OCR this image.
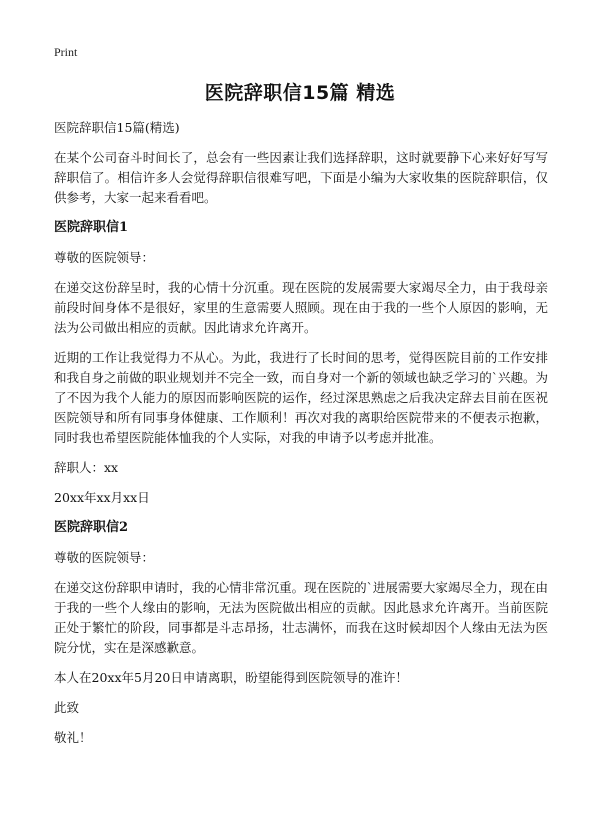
Print
医院辞职信15篇 精选

医院辞职信15篇(精选)

在某个公司奋斗时间长了，总会有一些因素让我们选择辞职，这时就要静下心来好好写写辞职信了。相信许多人会觉得辞职信很难写吧，下面是小编为大家收集的医院辞职信，仅供参考，大家一起来看看吧。

医院辞职信1

尊敬的医院领导：

在递交这份辞呈时，我的心情十分沉重。现在医院的发展需要大家竭尽全力，由于我母亲前段时间身体不是很好，家里的生意需要人照顾。现在由于我的一些个人原因的影响，无法为公司做出相应的贡献。因此请求允许离开。

近期的工作让我觉得力不从心。为此，我进行了长时间的思考，觉得医院目前的工作安排和我自身之前做的职业规划并不完全一致，而自身对一个新的领域也缺乏学习的`兴趣。为了不因为我个人能力的原因而影响医院的运作，经过深思熟虑之后我决定辞去目前在医祝医院领导和所有同事身体健康、工作顺利！再次对我的离职给医院带来的不便表示抱歉，同时我也希望医院能体恤我的个人实际，对我的申请予以考虑并批准。

辞职人：xx

20xx年xx月xx日

医院辞职信2

尊敬的医院领导：

在递交这份辞职申请时，我的心情非常沉重。现在医院的`进展需要大家竭尽全力，现在由于我的一些个人缘由的影响，无法为医院做出相应的贡献。因此恳求允许离开。当前医院正处于繁忙的阶段，同事都是斗志昂扬，壮志满怀，而我在这时候却因个人缘由无法为医院分忧，实在是深感歉意。

本人在20xx年5月20日申请离职，盼望能得到医院领导的准许！

此致

敬礼！
